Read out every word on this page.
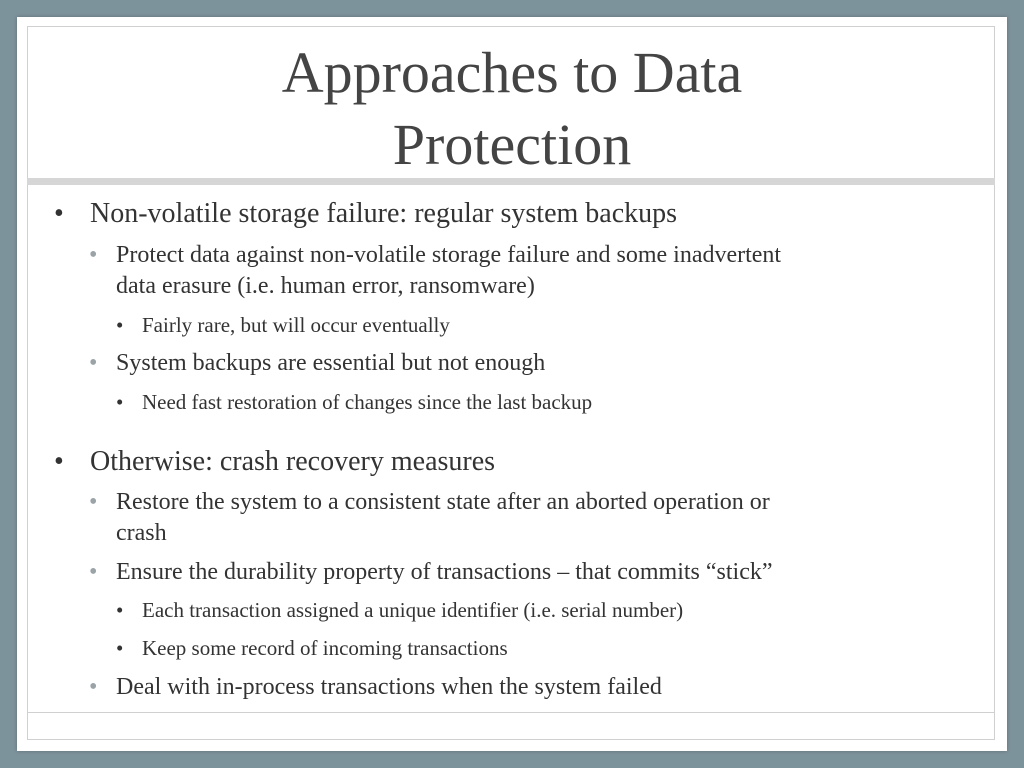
Approaches to Data
Protection
• Non-volatile storage failure: regular system backups
• Protect data against non-volatile storage failure and some inadvertent
data erasure (i.e. human error, ransomware)
• Fairly rare, but will occur eventually
• System backups are essential but not enough
• Need fast restoration of changes since the last backup
• Otherwise: crash recovery measures
• Restore the system to a consistent state after an aborted operation or
crash
• Ensure the durability property of transactions – that commits “stick”
• Each transaction assigned a unique identifier (i.e. serial number)
• Keep some record of incoming transactions
• Deal with in-process transactions when the system failed
